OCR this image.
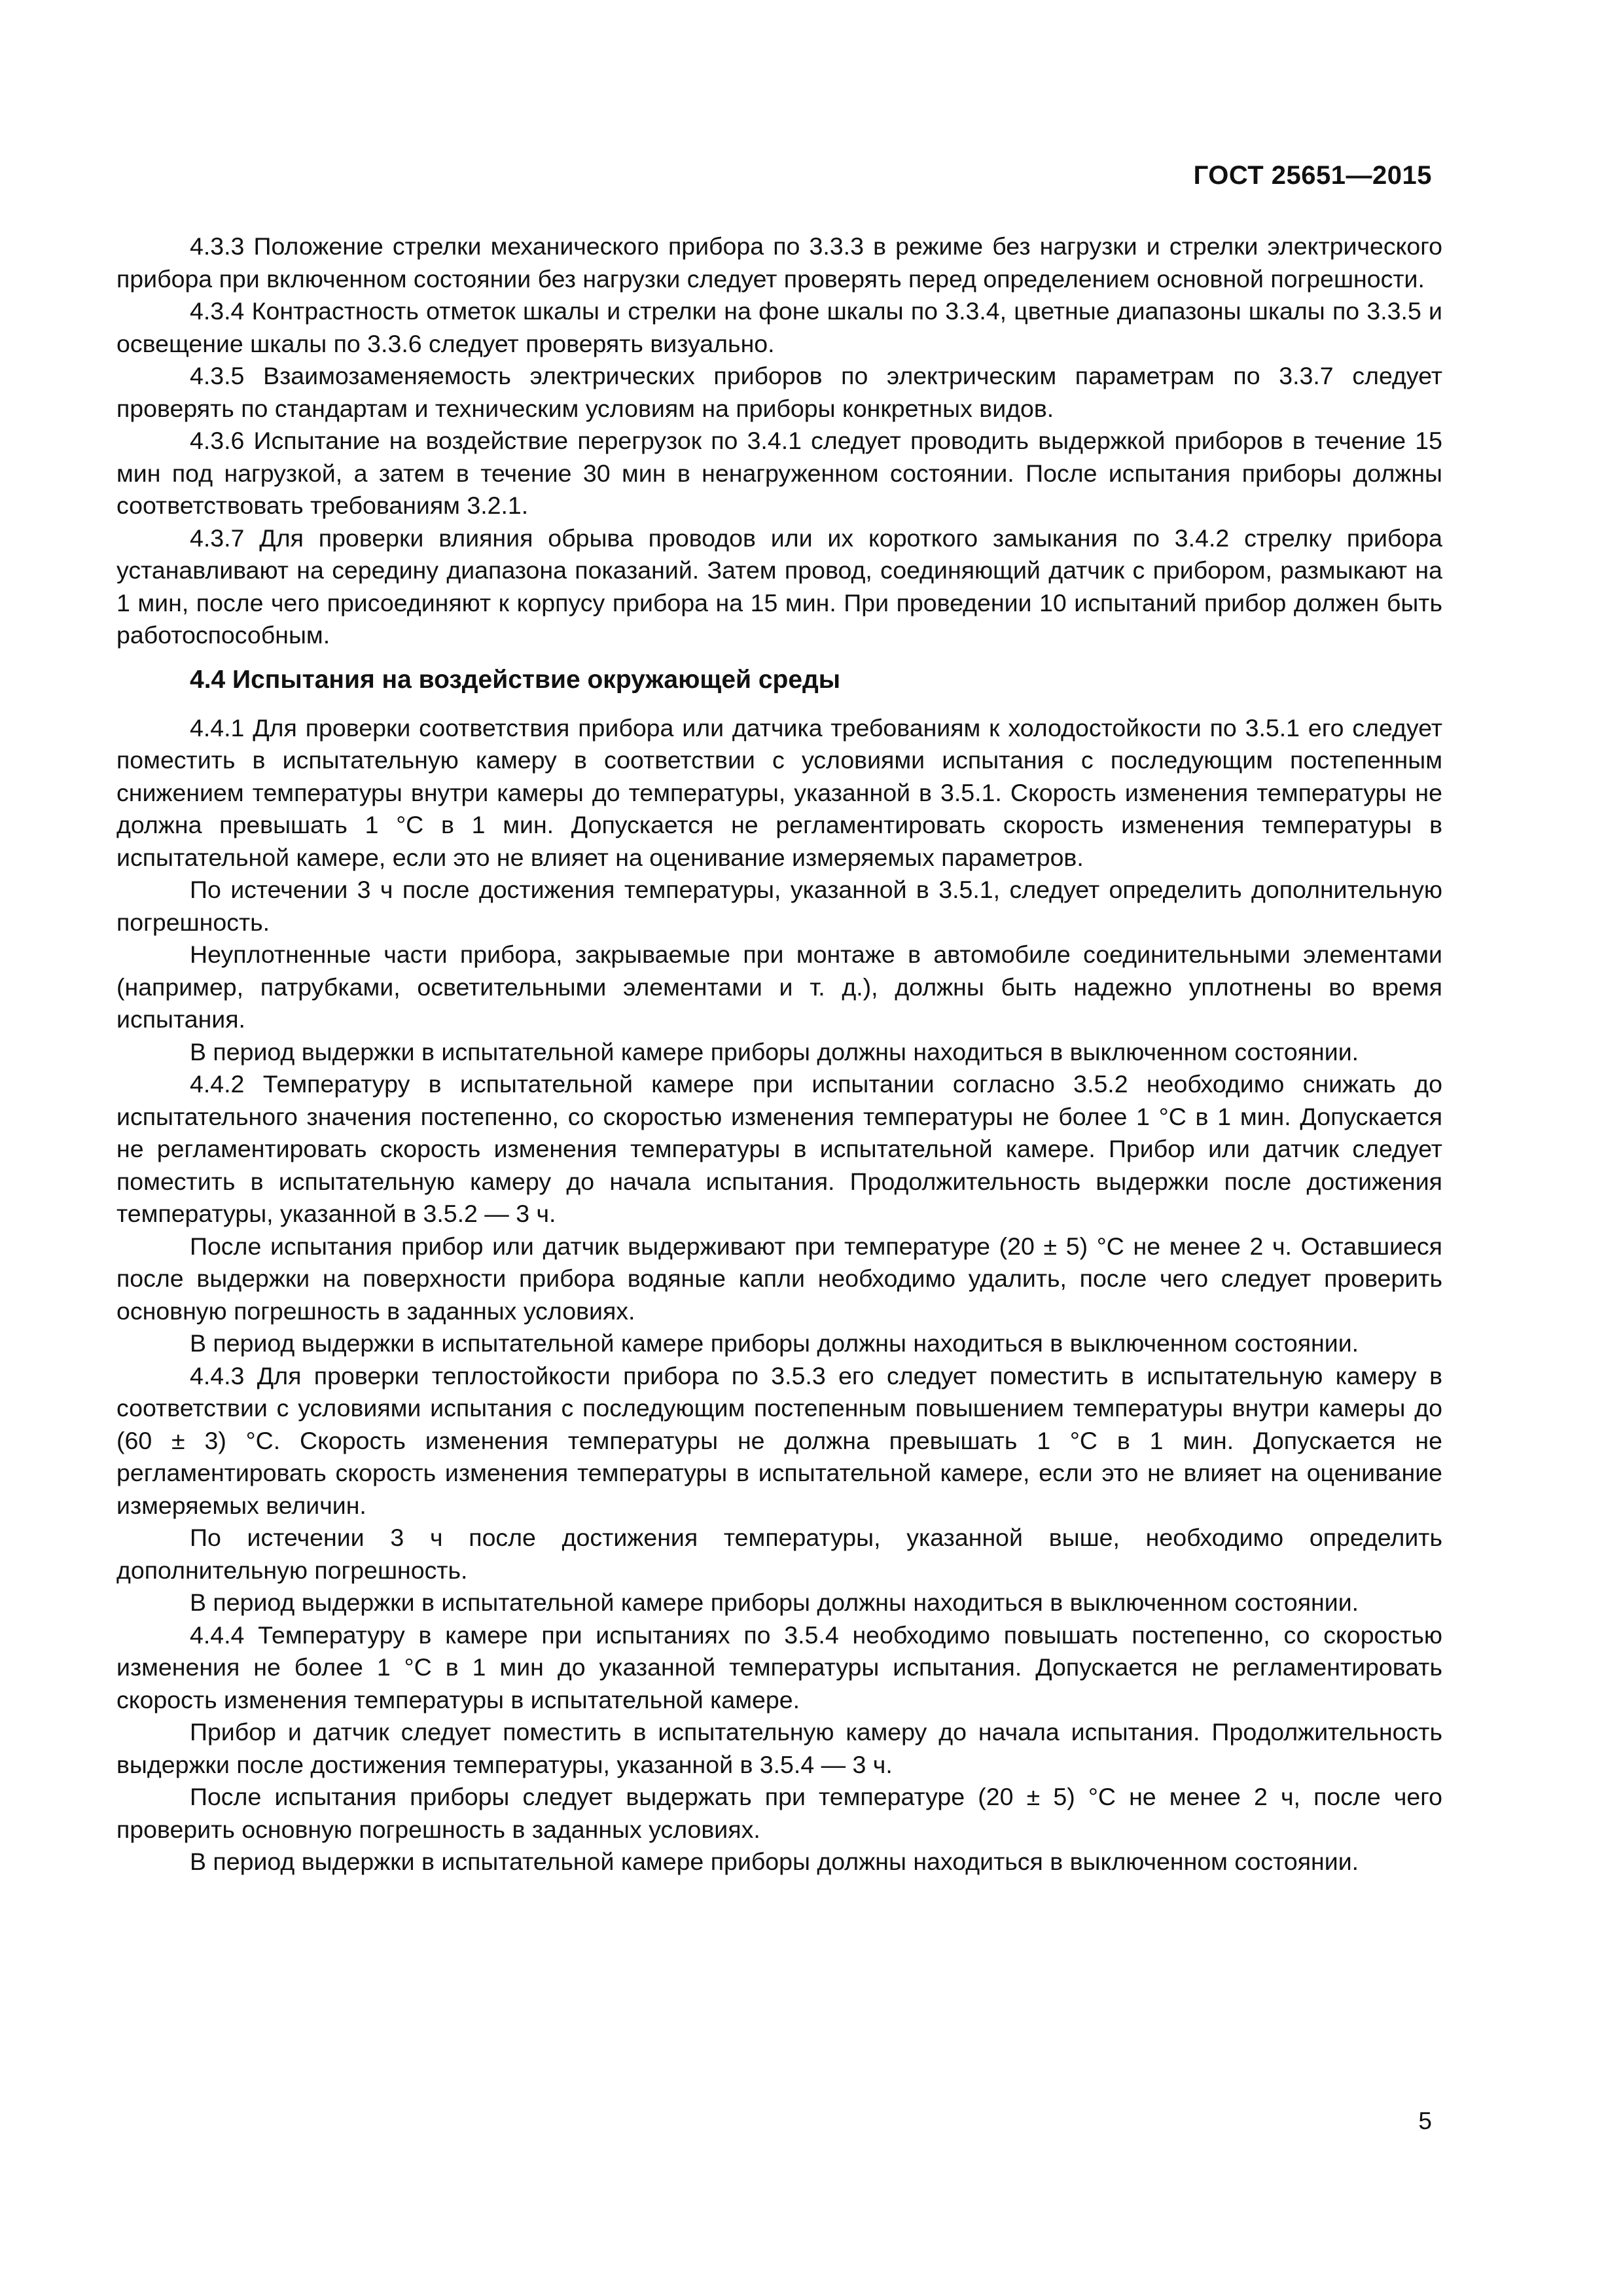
ГОСТ 25651—2015

4.3.3 Положение стрелки механического прибора по 3.3.3 в режиме без нагрузки и стрелки электрического прибора при включенном состоянии без нагрузки следует проверять перед определением основной погрешности.

4.3.4 Контрастность отметок шкалы и стрелки на фоне шкалы по 3.3.4, цветные диапазоны шкалы по 3.3.5 и освещение шкалы по 3.3.6 следует проверять визуально.

4.3.5 Взаимозаменяемость электрических приборов по электрическим параметрам по 3.3.7 следует проверять по стандартам и техническим условиям на приборы конкретных видов.

4.3.6 Испытание на воздействие перегрузок по 3.4.1 следует проводить выдержкой приборов в течение 15 мин под нагрузкой, а затем в течение 30 мин в ненагруженном состоянии. После испытания приборы должны соответствовать требованиям 3.2.1.

4.3.7 Для проверки влияния обрыва проводов или их короткого замыкания по 3.4.2 стрелку прибора устанавливают на середину диапазона показаний. Затем провод, соединяющий датчик с прибором, размыкают на 1 мин, после чего присоединяют к корпусу прибора на 15 мин. При проведении 10 испытаний прибор должен быть работоспособным.

4.4 Испытания на воздействие окружающей среды

4.4.1 Для проверки соответствия прибора или датчика требованиям к холодостойкости по 3.5.1 его следует поместить в испытательную камеру в соответствии с условиями испытания с последующим постепенным снижением температуры внутри камеры до температуры, указанной в 3.5.1. Скорость изменения температуры не должна превышать 1 °С в 1 мин. Допускается не регламентировать скорость изменения температуры в испытательной камере, если это не влияет на оценивание измеряемых параметров.

По истечении 3 ч после достижения температуры, указанной в 3.5.1, следует определить дополнительную погрешность.

Неуплотненные части прибора, закрываемые при монтаже в автомобиле соединительными элементами (например, патрубками, осветительными элементами и т. д.), должны быть надежно уплотнены во время испытания.

В период выдержки в испытательной камере приборы должны находиться в выключенном состоянии.

4.4.2 Температуру в испытательной камере при испытании согласно 3.5.2 необходимо снижать до испытательного значения постепенно, со скоростью изменения температуры не более 1 °С в 1 мин. Допускается не регламентировать скорость изменения температуры в испытательной камере. Прибор или датчик следует поместить в испытательную камеру до начала испытания. Продолжительность выдержки после достижения температуры, указанной в 3.5.2 — 3 ч.

После испытания прибор или датчик выдерживают при температуре (20 ± 5) °С не менее 2 ч. Оставшиеся после выдержки на поверхности прибора водяные капли необходимо удалить, после чего следует проверить основную погрешность в заданных условиях.

В период выдержки в испытательной камере приборы должны находиться в выключенном состоянии.

4.4.3 Для проверки теплостойкости прибора по 3.5.3 его следует поместить в испытательную камеру в соответствии с условиями испытания с последующим постепенным повышением температуры внутри камеры до (60 ± 3) °С. Скорость изменения температуры не должна превышать 1 °С в 1 мин. Допускается не регламентировать скорость изменения температуры в испытательной камере, если это не влияет на оценивание измеряемых величин.

По истечении 3 ч после достижения температуры, указанной выше, необходимо определить дополнительную погрешность.

В период выдержки в испытательной камере приборы должны находиться в выключенном состоянии.

4.4.4 Температуру в камере при испытаниях по 3.5.4 необходимо повышать постепенно, со скоростью изменения не более 1 °С в 1 мин до указанной температуры испытания. Допускается не регламентировать скорость изменения температуры в испытательной камере.

Прибор и датчик следует поместить в испытательную камеру до начала испытания. Продолжительность выдержки после достижения температуры, указанной в 3.5.4 — 3 ч.

После испытания приборы следует выдержать при температуре (20 ± 5) °С не менее 2 ч, после чего проверить основную погрешность в заданных условиях.

В период выдержки в испытательной камере приборы должны находиться в выключенном состоянии.

5
